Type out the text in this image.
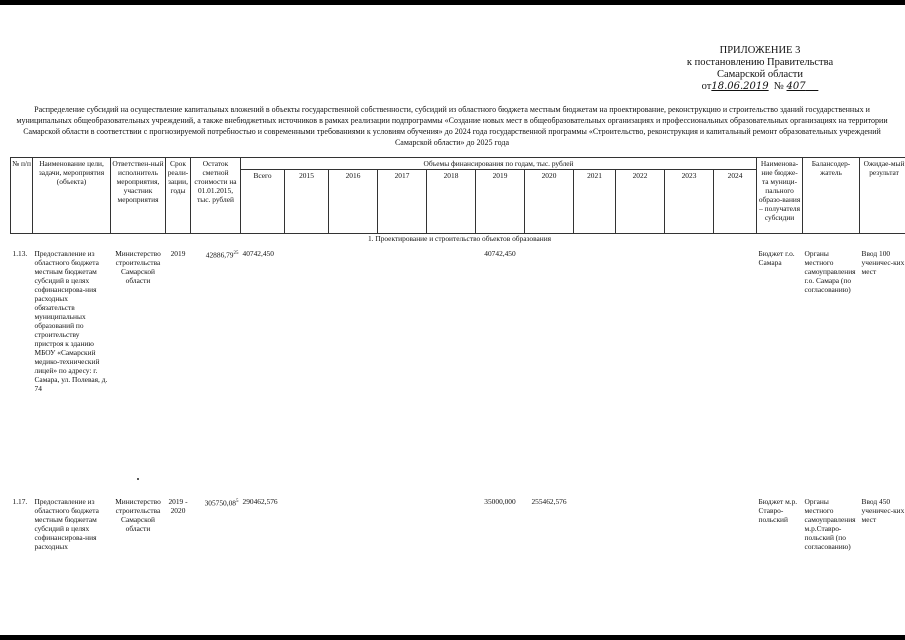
ПРИЛОЖЕНИЕ 3
к постановлению Правительства
Самарской области
от18.06.2019 № 407
Распределение субсидий на осуществление капитальных вложений в объекты государственной собственности, субсидий из областного бюджета местным бюджетам на проектирование, реконструкцию и строительство зданий государственных и муниципальных общеобразовательных учреждений, а также внебюджетных источников в рамках реализации подпрограммы «Создание новых мест в общеобразовательных организациях и профессиональных образовательных организациях на территории Самарской области в соответствии с прогнозируемой потребностью и современными требованиями к условиям обучения» до 2024 года государственной программы «Строительство, реконструкция и капитальный ремонт образовательных учреждений Самарской области» до 2025 года
№ п/п	Наименование цели, задачи, мероприятия (объекта)	Ответствен-ный исполнитель мероприятия, участник мероприятия	Срок реали-зации, годы	Остаток сметной стоимости на 01.01.2015, тыс. рублей	Объемы финансирования по годам, тыс. рублей											Наименова-ние бюдже-та муници-пального образо-вания – получателя субсидии	Балансодер-жатель	Ожидае-мый результат
					Всего	2015	2016	2017	2018	2019	2020	2021	2022	2023	2024			
1. Проектирование и строительство объектов образования																		
1.13.	Предоставление из областного бюджета местным бюджетам субсидий в целях софинансирова-ния расходных обязательств муниципальных образований по строительству пристроя к зданию МБОУ «Самарский медико-технический лицей» по адресу: г. Самара, ул. Полевая, д. 74	Министерство строительства Самарской области	2019	42886,79$^{25}$	40742,450					40742,450						Бюджет г.о. Самара	Органы местного самоуправления г.о. Самара (по согласованию)	Ввод 100 ученичес-ких мест
1.17.	Предоставление из областного бюджета местным бюджетам субсидий в целях софинансирова-ния расходных	Министерство строительства Самарской области	2019 - 2020	305750,08$^5$	290462,576					35000,000	255462,576					Бюджет м.р. Ставро-польский	Органы местного самоуправления м.р.Ставро-польский (по согласованию)	Ввод 450 ученичес-ких мест
